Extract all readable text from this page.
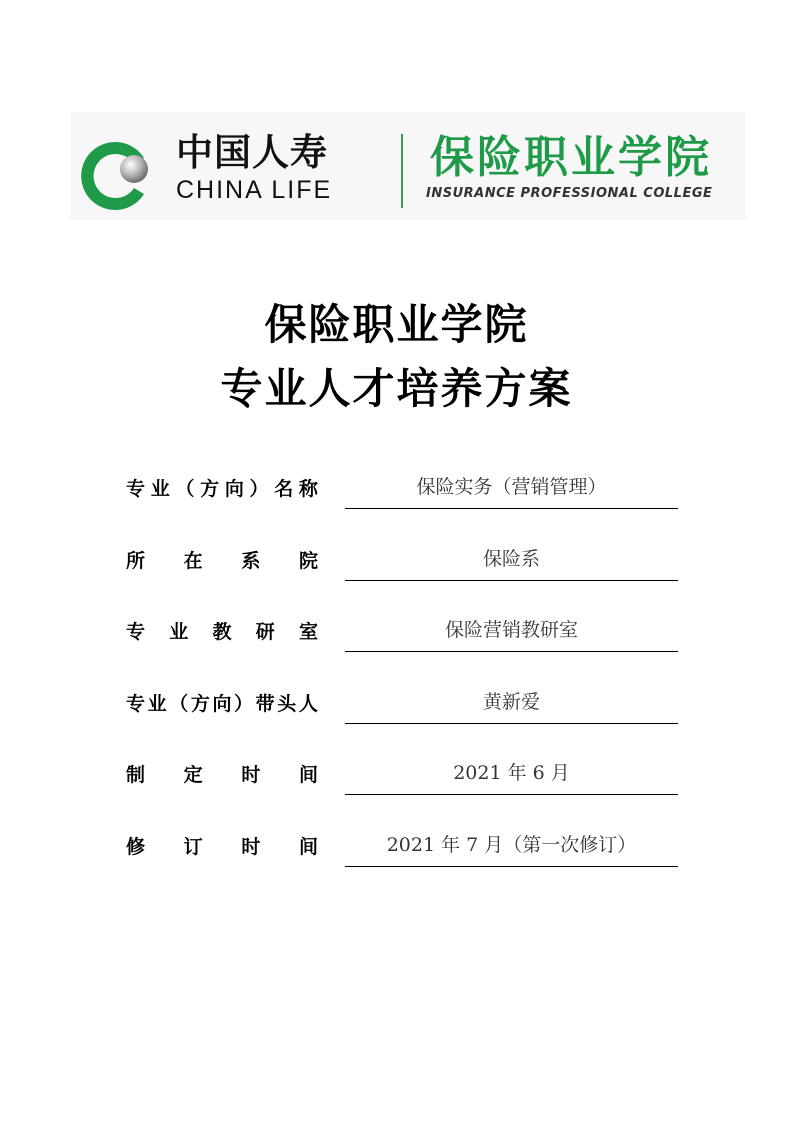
中国人寿
CHINA LIFE
保险职业学院
INSURANCE PROFESSIONAL COLLEGE
保险职业学院
专业人才培养方案
专 业 （ 方 向 ） 名 称	保险实务（营销管理）
所 在 系 院	保险系
专 业 教 研 室	保险营销教研室
专 业 （ 方 向 ） 带 头 人	黄新爱
制 定 时 间	2021 年 6 月
修 订 时 间	2021 年 7 月（第一次修订）
